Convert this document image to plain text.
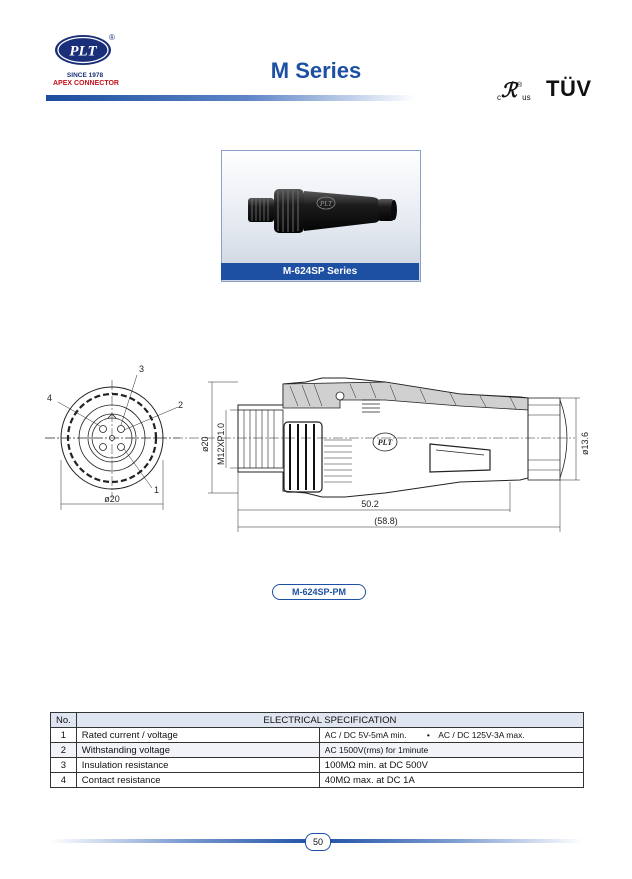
PLT
®
SINCE 1978
APEX CONNECTOR
M Series
cℛ®us TÜV
PLT
M-624SP Series
3
2
4
1
ø20
ø20 M12XP1.0	ø13.6
50.2
(58.8)
PLT
M-624SP-PM
No.	ELECTRICAL SPECIFICATION	
1	Rated current / voltage	AC / DC 5V-5mA min. • AC / DC 125V-3A max.
2	Withstanding voltage	AC 1500V(rms) for 1minute
3	Insulation resistance	100MΩ min. at DC 500V
4	Contact resistance	40MΩ max. at DC 1A
50
